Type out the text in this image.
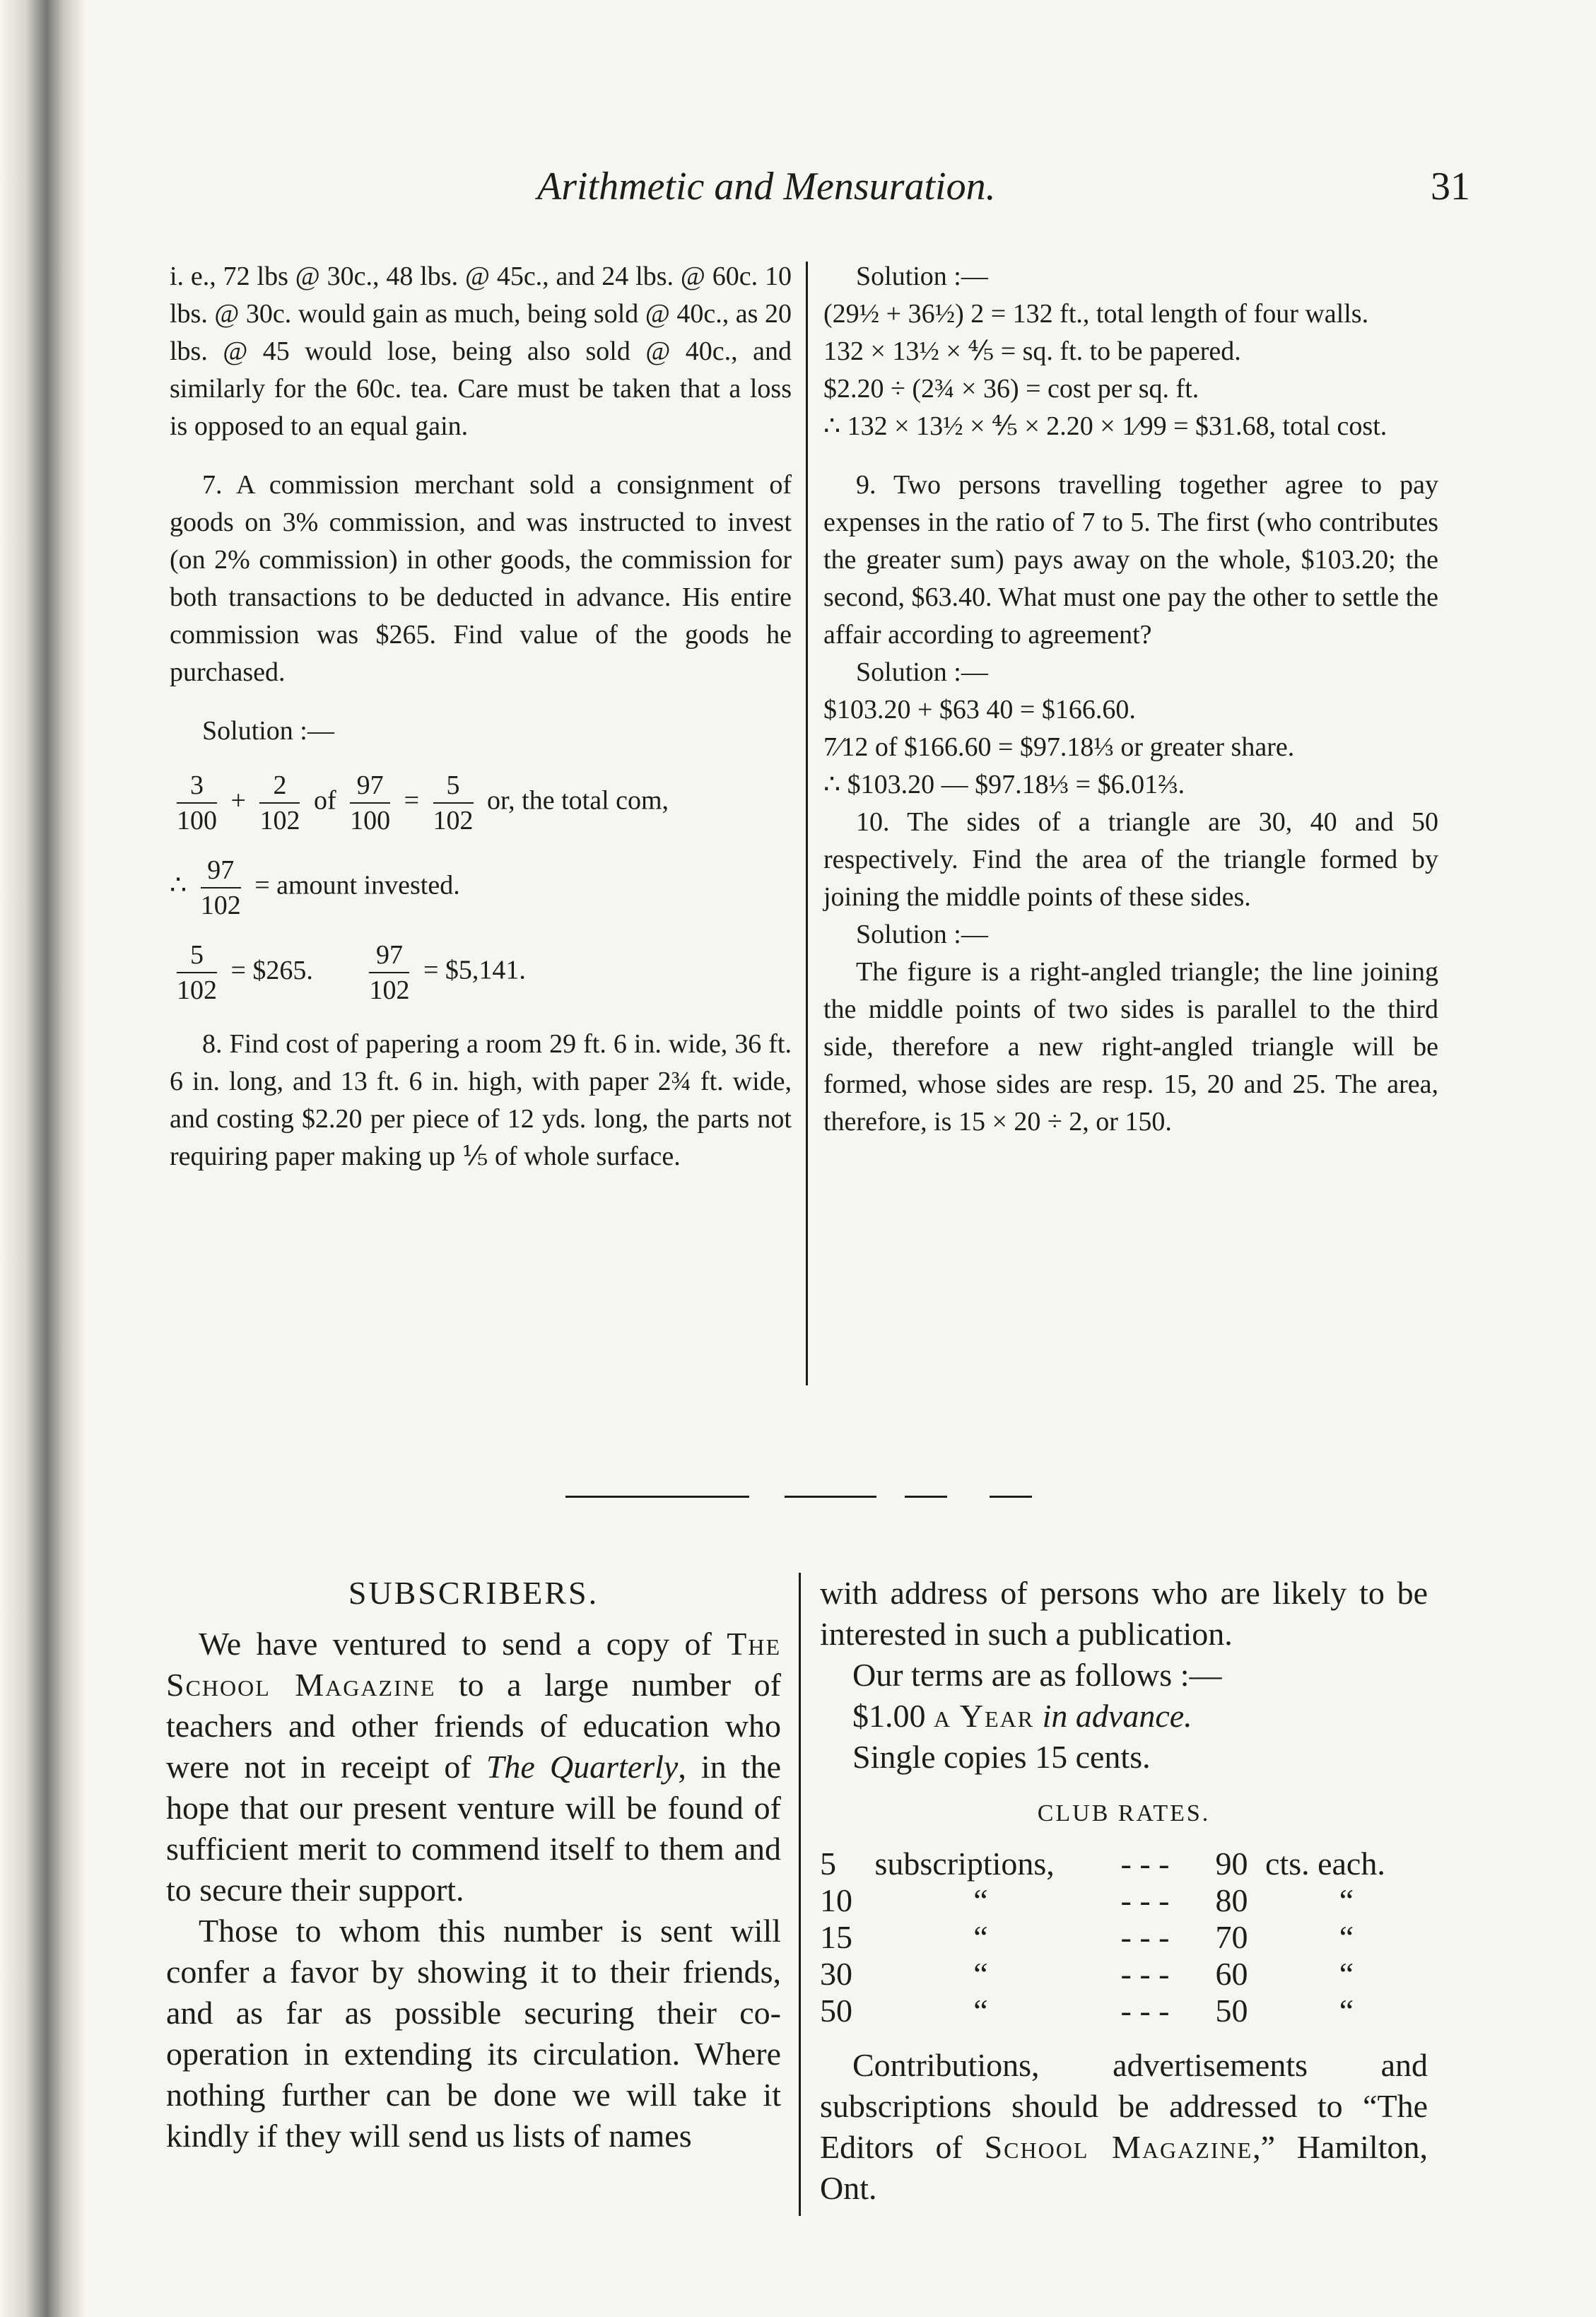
Arithmetic and Mensuration.	31

i. e., 72 lbs @ 30c., 48 lbs. @ 45c., and 24 lbs. @ 60c. 10 lbs. @ 30c. would gain as much, being sold @ 40c., as 20 lbs. @ 45 would lose, being also sold @ 40c., and similarly for the 60c. tea. Care must be taken that a loss is opposed to an equal gain.

7. A commission merchant sold a consignment of goods on 3% commission, and was instructed to invest (on 2% commission) in other goods, the commission for both transactions to be deducted in advance. His entire commission was $265. Find value of the goods he purchased.

Solution :—

$\frac{3}{100} + \frac{2}{102}$ of $\frac{97}{100} = \frac{5}{102}$ or, the total com,
∴ $\frac{97}{102}$ = amount invested.
$\frac{5}{102}$ = $265. $\frac{97}{102}$ = $5,141.

8. Find cost of papering a room 29 ft. 6 in. wide, 36 ft. 6 in. long, and 13 ft. 6 in. high, with paper 2¾ ft. wide, and costing $2.20 per piece of 12 yds. long, the parts not requiring paper making up ⅕ of whole surface.

Solution :—

(29½ + 36½) 2 = 132 ft., total length of four walls.

132 × 13½ × ⅘ = sq. ft. to be papered.

$2.20 ÷ (2¾ × 36) = cost per sq. ft.

∴ 132 × 13½ × ⅘ × 2.20 × 1⁄99 = $31.68, total cost.

9. Two persons travelling together agree to pay expenses in the ratio of 7 to 5. The first (who contributes the greater sum) pays away on the whole, $103.20; the second, $63.40. What must one pay the other to settle the affair according to agreement?

Solution :—

$103.20 + $63 40 = $166.60.

7⁄12 of $166.60 = $97.18⅓ or greater share.

∴ $103.20 — $97.18⅓ = $6.01⅔.

10. The sides of a triangle are 30, 40 and 50 respectively. Find the area of the triangle formed by joining the middle points of these sides.

Solution :—

The figure is a right-angled triangle; the line joining the middle points of two sides is parallel to the third side, therefore a new right-angled triangle will be formed, whose sides are resp. 15, 20 and 25. The area, therefore, is 15 × 20 ÷ 2, or 150.

SUBSCRIBERS.

We have ventured to send a copy of The School Magazine to a large number of teachers and other friends of education who were not in receipt of The Quarterly, in the hope that our present venture will be found of sufficient merit to commend itself to them and to secure their support.

Those to whom this number is sent will confer a favor by showing it to their friends, and as far as possible securing their co-operation in extending its circulation. Where nothing further can be done we will take it kindly if they will send us lists of names

with address of persons who are likely to be interested in such a publication.

Our terms are as follows :—

$1.00 a Year in advance.

Single copies 15 cents.

CLUB RATES.

5	subscriptions,	- - -	90 cts. each.
10	“	- - -	80	“
15	“	- - -	70	“
30	“	- - -	60	“
50	“	- - -	50	“

Contributions, advertisements and subscriptions should be addressed to “The Editors of School Magazine,” Hamilton, Ont.
